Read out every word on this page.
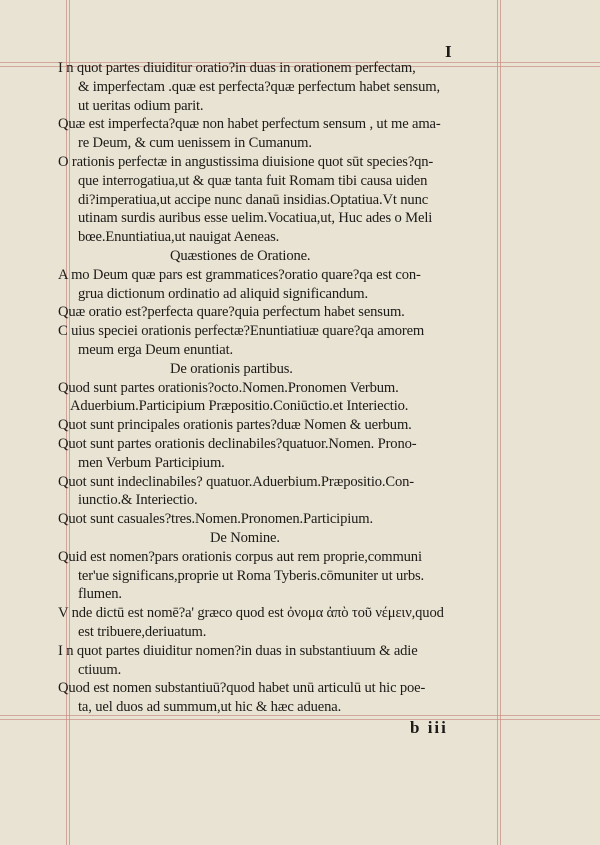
I
I n quot partes diuiditur oratio?in duas in orationem perfectam,
& imperfectam .quæ est perfecta?quæ perfectum habet sensum,
ut ueritas odium parit.
Quæ est imperfecta?quæ non habet perfectum sensum , ut me ama-
re Deum, & cum uenissem in Cumanum.
O rationis perfectæ in angustissima diuisione quot sūt species?qn-
que interrogatiua,ut & quæ tanta fuit Romam tibi causa uiden
di?imperatiua,ut accipe nunc danaū insidias.Optatiua.Vt nunc
utinam surdis auribus esse uelim.Vocatiua,ut, Huc ades o Meli
bœe.Enuntiatiua,ut nauigat Aeneas.
Quæstiones de Oratione.
A mo Deum quæ pars est grammatices?oratio quare?qa est con-
grua dictionum ordinatio ad aliquid significandum.
Quæ oratio est?perfecta quare?quia perfectum habet sensum.
C uius speciei orationis perfectæ?Enuntiatiuæ quare?qa amorem
meum erga Deum enuntiat.
De orationis partibus.
Quod sunt partes orationis?octo.Nomen.Pronomen Verbum.
Aduerbium.Participium Præpositio.Coniūctio.et Interiectio.
Quot sunt principales orationis partes?duæ Nomen & uerbum.
Quot sunt partes orationis declinabiles?quatuor.Nomen. Prono-
men Verbum Participium.
Quot sunt indeclinabiles? quatuor.Aduerbium.Præpositio.Con-
iunctio.& Interiectio.
Quot sunt casuales?tres.Nomen.Pronomen.Participium.
De Nomine.
Quid est nomen?pars orationis corpus aut rem proprie,communi
ter'ue significans,proprie ut Roma Tyberis.cōmuniter ut urbs.
flumen.
V nde dictū est nomē?a' græco quod est ὀνομα ἀπὸ τοῦ νέμειν,quod
est tribuere,deriuatum.
I n quot partes diuiditur nomen?in duas in substantiuum & adie
ctiuum.
Quod est nomen substantiuū?quod habet unū articulū ut hic poe-
ta, uel duos ad summum,ut hic & hæc aduena.
b iii
